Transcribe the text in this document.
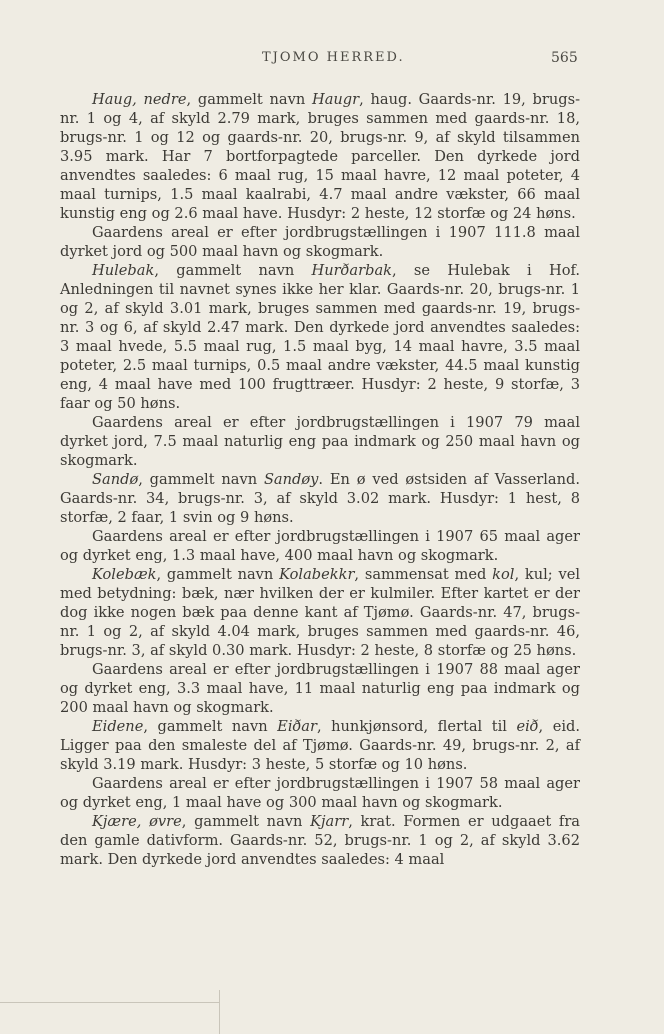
TJOMO HERRED.	565

Haug, nedre, gammelt navn Haugr, haug. Gaards-nr. 19, brugs-nr. 1 og 4, af skyld 2.79 mark, bruges sammen med gaards-nr. 18, brugs-nr. 1 og 12 og gaards-nr. 20, brugs-nr. 9, af skyld tilsammen 3.95 mark. Har 7 bortforpagtede parceller. Den dyrkede jord anvendtes saaledes: 6 maal rug, 15 maal havre, 12 maal poteter, 4 maal turnips, 1.5 maal kaalrabi, 4.7 maal andre vækster, 66 maal kunstig eng og 2.6 maal have. Husdyr: 2 heste, 12 storfæ og 24 høns.

Gaardens areal er efter jordbrugstællingen i 1907 111.8 maal dyrket jord og 500 maal havn og skogmark.

Hulebak, gammelt navn Hurðarbak, se Hulebak i Hof. Anledningen til navnet synes ikke her klar. Gaards-nr. 20, brugs-nr. 1 og 2, af skyld 3.01 mark, bruges sammen med gaards-nr. 19, brugs-nr. 3 og 6, af skyld 2.47 mark. Den dyrkede jord anvendtes saaledes: 3 maal hvede, 5.5 maal rug, 1.5 maal byg, 14 maal havre, 3.5 maal poteter, 2.5 maal turnips, 0.5 maal andre vækster, 44.5 maal kunstig eng, 4 maal have med 100 frugttræer. Husdyr: 2 heste, 9 storfæ, 3 faar og 50 høns.

Gaardens areal er efter jordbrugstællingen i 1907 79 maal dyrket jord, 7.5 maal naturlig eng paa indmark og 250 maal havn og skogmark.

Sandø, gammelt navn Sandøy. En ø ved østsiden af Vasserland. Gaards-nr. 34, brugs-nr. 3, af skyld 3.02 mark. Husdyr: 1 hest, 8 storfæ, 2 faar, 1 svin og 9 høns.

Gaardens areal er efter jordbrugstællingen i 1907 65 maal ager og dyrket eng, 1.3 maal have, 400 maal havn og skogmark.

Kolebæk, gammelt navn Kolabekkr, sammensat med kol, kul; vel med betydning: bæk, nær hvilken der er kulmiler. Efter kartet er der dog ikke nogen bæk paa denne kant af Tjømø. Gaards-nr. 47, brugs-nr. 1 og 2, af skyld 4.04 mark, bruges sammen med gaards-nr. 46, brugs-nr. 3, af skyld 0.30 mark. Husdyr: 2 heste, 8 storfæ og 25 høns.

Gaardens areal er efter jordbrugstællingen i 1907 88 maal ager og dyrket eng, 3.3 maal have, 11 maal naturlig eng paa indmark og 200 maal havn og skogmark.

Eidene, gammelt navn Eiðar, hunkjønsord, flertal til eið, eid. Ligger paa den smaleste del af Tjømø. Gaards-nr. 49, brugs-nr. 2, af skyld 3.19 mark. Husdyr: 3 heste, 5 storfæ og 10 høns.

Gaardens areal er efter jordbrugstællingen i 1907 58 maal ager og dyrket eng, 1 maal have og 300 maal havn og skogmark.

Kjære, øvre, gammelt navn Kjarr, krat. Formen er udgaaet fra den gamle dativform. Gaards-nr. 52, brugs-nr. 1 og 2, af skyld 3.62 mark. Den dyrkede jord anvendtes saaledes: 4 maal
